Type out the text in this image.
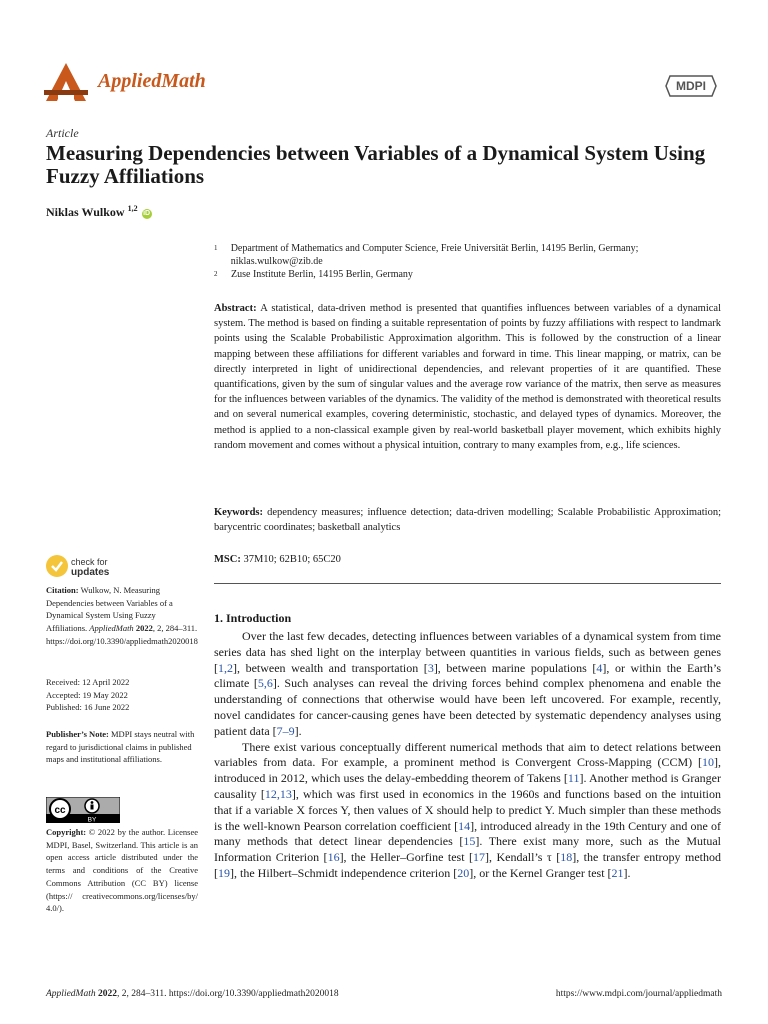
AppliedMath	MDPI
Article
Measuring Dependencies between Variables of a Dynamical System Using Fuzzy Affiliations
Niklas Wulkow $^{1,2}$ iD
1	Department of Mathematics and Computer Science, Freie Universität Berlin, 14195 Berlin, Germany; niklas.wulkow@zib.de
2	Zuse Institute Berlin, 14195 Berlin, Germany
Abstract: A statistical, data-driven method is presented that quantifies influences between variables of a dynamical system. The method is based on finding a suitable representation of points by fuzzy affiliations with respect to landmark points using the Scalable Probabilistic Approximation algorithm. This is followed by the construction of a linear mapping between these affiliations for different variables and forward in time. This linear mapping, or matrix, can be directly interpreted in light of unidirectional dependencies, and relevant properties of it are quantified. These quantifications, given by the sum of singular values and the average row variance of the matrix, then serve as measures for the influences between variables of the dynamics. The validity of the method is demonstrated with theoretical results and on several numerical examples, covering deterministic, stochastic, and delayed types of dynamics. Moreover, the method is applied to a non-classical example given by real-world basketball player movement, which exhibits highly random movement and comes without a physical intuition, contrary to many examples from, e.g., life sciences.
Keywords: dependency measures; influence detection; data-driven modelling; Scalable Probabilistic Approximation; barycentric coordinates; basketball analytics
MSC: 37M10; 62B10; 65C20
1. Introduction

Over the last few decades, detecting influences between variables of a dynamical system from time series data has shed light on the interplay between quantities in various fields, such as between genes [1,2], between wealth and transportation [3], between marine populations [4], or within the Earth’s climate [5,6]. Such analyses can reveal the driving forces behind complex phenomena and enable the understanding of connections that otherwise would have been left uncovered. For example, recently, novel candidates for cancer-causing genes have been detected by systematic dependency analyses using patient data [7–9].

There exist various conceptually different numerical methods that aim to detect relations between variables from data. For example, a prominent method is Convergent Cross-Mapping (CCM) [10], introduced in 2012, which uses the delay-embedding theorem of Takens [11]. Another method is Granger causality [12,13], which was first used in economics in the 1960s and functions based on the intuition that if a variable X forces Y, then values of X should help to predict Y. Much simpler than these methods is the well-known Pearson correlation coefficient [14], introduced already in the 19th Century and one of many methods that detect linear dependencies [15]. There exist many more, such as the Mutual Information Criterion [16], the Heller–Gorfine test [17], Kendall’s τ [18], the transfer entropy method [19], the Hilbert–Schmidt independence criterion [20], or the Kernel Granger test [21].

check for
updates
Citation: Wulkow, N. Measuring Dependencies between Variables of a Dynamical System Using Fuzzy Affiliations. AppliedMath 2022, 2, 284–311. https://doi.org/10.3390/appliedmath2020018
Received: 12 April 2022
Accepted: 19 May 2022
Published: 16 June 2022
Publisher’s Note: MDPI stays neutral with regard to jurisdictional claims in published maps and institutional affiliations.
cc
BY
Copyright: © 2022 by the author. Licensee MDPI, Basel, Switzerland. This article is an open access article distributed under the terms and conditions of the Creative Commons Attribution (CC BY) license (https:// creativecommons.org/licenses/by/ 4.0/).
AppliedMath 2022, 2, 284–311. https://doi.org/10.3390/appliedmath2020018	https://www.mdpi.com/journal/appliedmath
